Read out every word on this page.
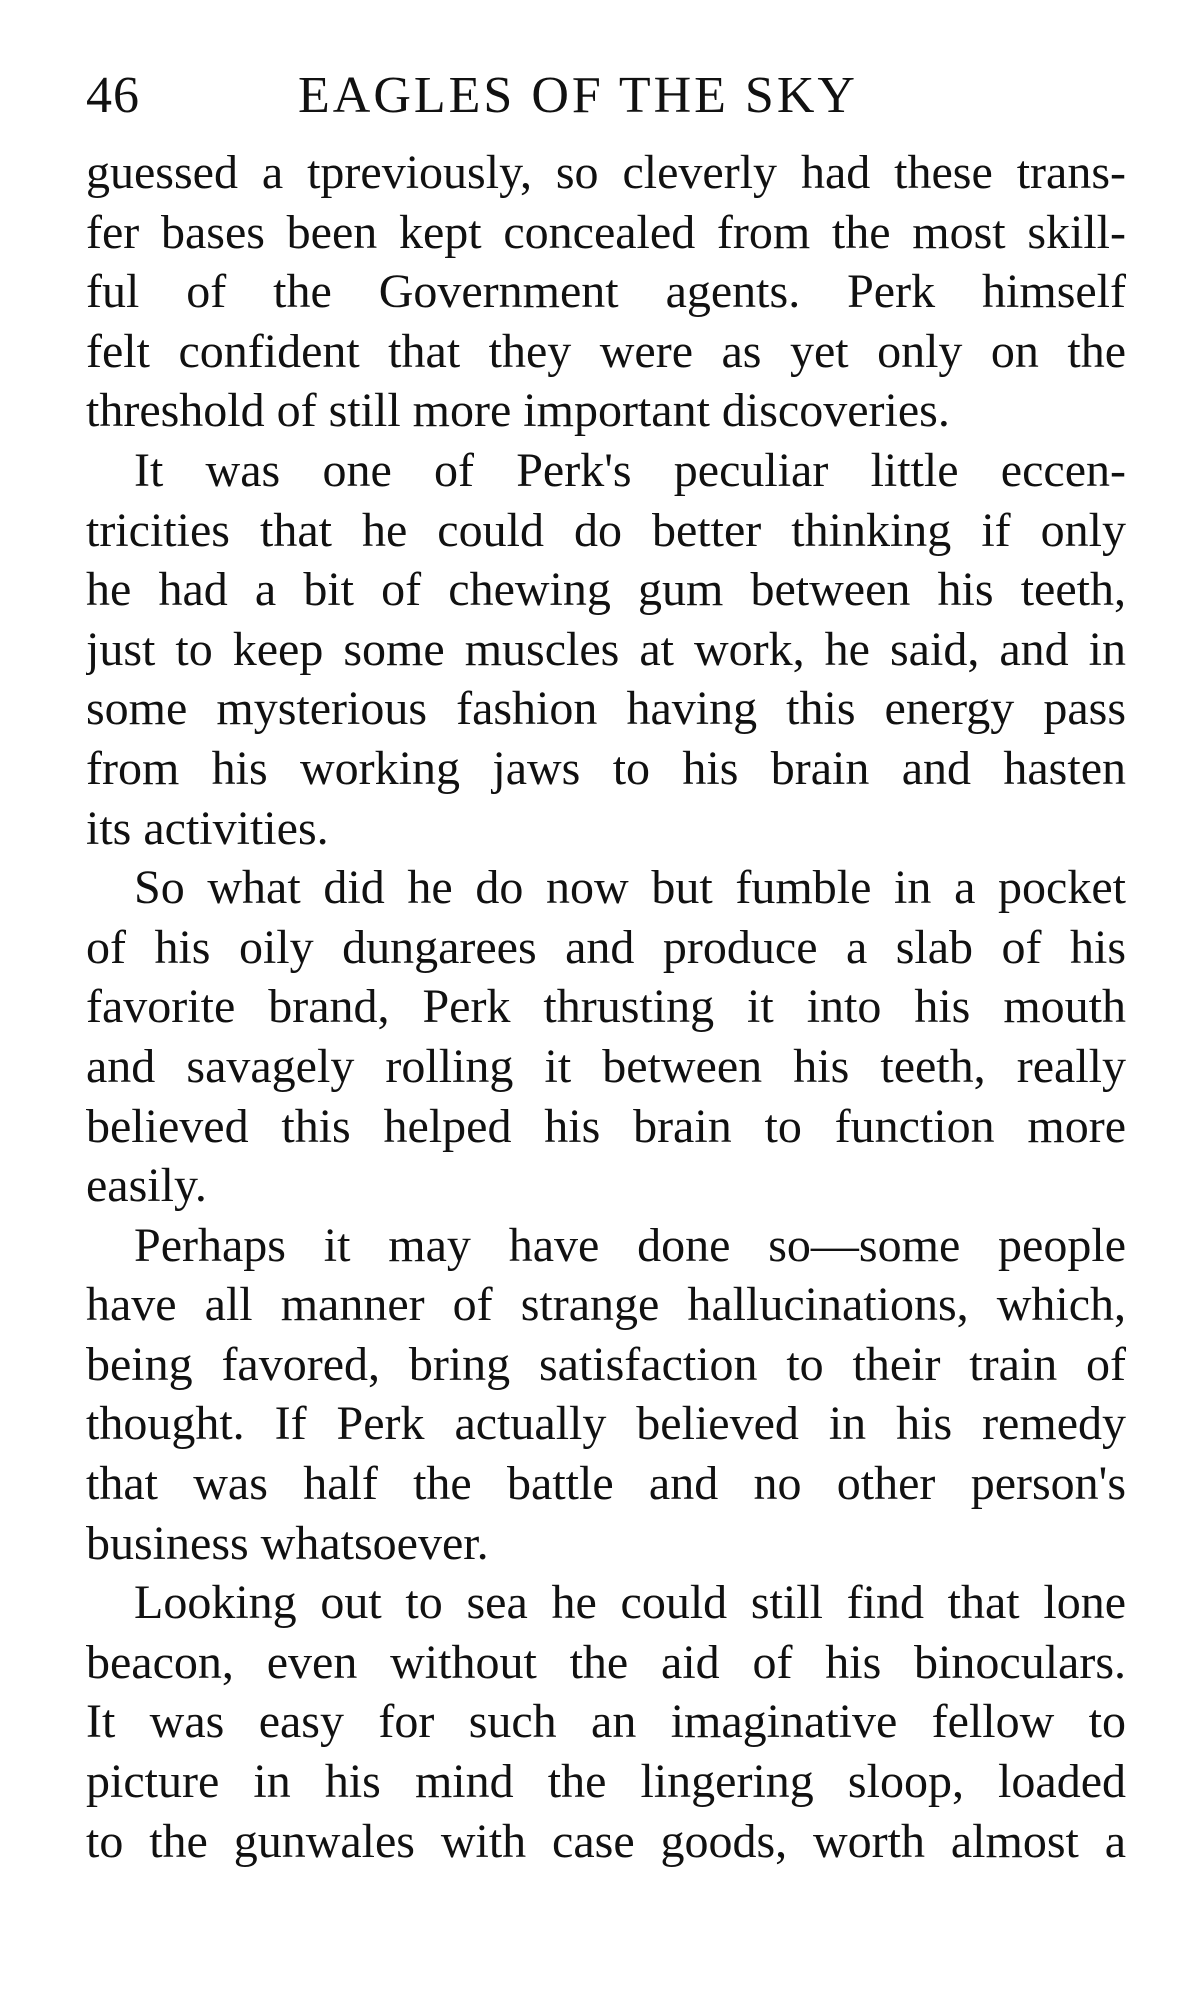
46	EAGLES OF THE SKY
guessed a tpreviously, so cleverly had these trans-
fer bases been kept concealed from the most skill-
ful of the Government agents. Perk himself
felt confident that they were as yet only on the
threshold of still more important discoveries.
It was one of Perk's peculiar little eccen-
tricities that he could do better thinking if only
he had a bit of chewing gum between his teeth,
just to keep some muscles at work, he said, and in
some mysterious fashion having this energy pass
from his working jaws to his brain and hasten
its activities.
So what did he do now but fumble in a pocket
of his oily dungarees and produce a slab of his
favorite brand, Perk thrusting it into his mouth
and savagely rolling it between his teeth, really
believed this helped his brain to function more
easily.
Perhaps it may have done so—some people
have all manner of strange hallucinations, which,
being favored, bring satisfaction to their train of
thought. If Perk actually believed in his remedy
that was half the battle and no other person's
business whatsoever.
Looking out to sea he could still find that lone
beacon, even without the aid of his binoculars.
It was easy for such an imaginative fellow to
picture in his mind the lingering sloop, loaded
to the gunwales with case goods, worth almost a
